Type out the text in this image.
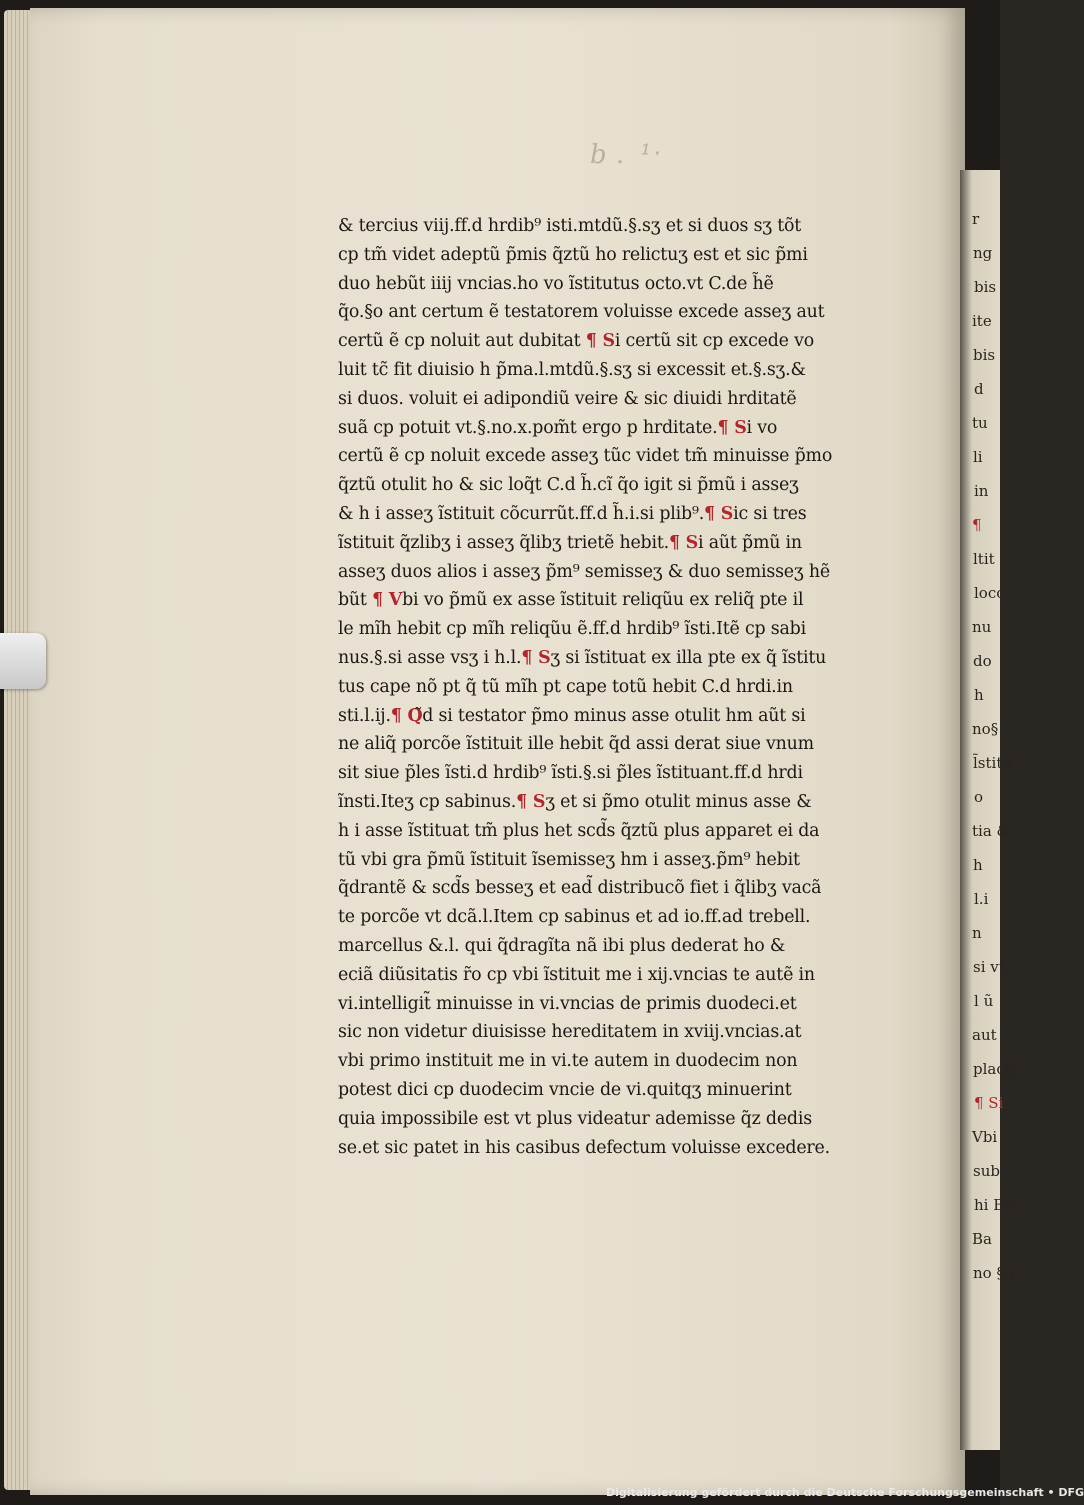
b .  ¹ˑ
& tercius viij.ff.d hrdib⁹ isti.mtdũ.§.sʒ et si duos sʒ tõt
cp tm̃ videt adeptũ p̃mis q̃ztũ ho relictuʒ est et sic p̃mi
duo hebũt iiij vncias.ho vo ĩstitutus octo.vt C.de h̃ẽ
q̃o.§o ant certum ẽ testatorem voluisse excede asseʒ aut
certũ ẽ cp noluit aut dubitat ¶ Si certũ sit cp excede vo
luit tc̃ fit diuisio h p̃ma.l.mtdũ.§.sʒ si excessit et.§.sʒ.&
si duos. voluit ei adipondiũ veire & sic diuidi hrditatẽ
suã cp potuit vt.§.no.x.pom̃t ergo p hrditate.¶ Si vo
certũ ẽ cp noluit excede asseʒ tũc videt tm̃ minuisse p̃mo
q̃ztũ otulit ho & sic loq̃t C.d h̃.cĩ q̃o igit si p̃mũ i asseʒ
& h i asseʒ ĩstituit cõcurrũt.ff.d h̃.i.si plib⁹.¶ Sic si tres
ĩstituit q̃zlibʒ i asseʒ q̃libʒ trietẽ hebit.¶ Si aũt p̃mũ in
asseʒ duos alios i asseʒ p̃m⁹ semisseʒ & duo semisseʒ hẽ
bũt ¶ Vbi vo p̃mũ ex asse ĩstituit reliqũu ex reliq̃ pte il
le mĩh hebit cp mĩh reliqũu ẽ.ff.d hrdib⁹ ĩsti.Itẽ cp sabi
nus.§.si asse vsʒ i h.l.¶ Sʒ si ĩstituat ex illa pte ex q̃ ĩstitu
tus cape nõ pt q̃ tũ mĩh pt cape totũ hebit C.d hrdi.in
sti.l.ij.¶ Q̃d si testator p̃mo minus asse otulit hm aũt si
ne aliq̃ porcõe ĩstituit ille hebit q̃d assi derat siue vnum
sit siue p̃les ĩsti.d hrdib⁹ ĩsti.§.si p̃les ĩstituant.ff.d hrdi
ĩnsti.Iteʒ cp sabinus.¶ Sʒ et si p̃mo otulit minus asse &
h i asse ĩstituat tm̃ plus het scd̃s q̃ztũ plus apparet ei da
tũ vbi gra p̃mũ ĩstituit ĩsemisseʒ hm i asseʒ.p̃m⁹ hebit
q̃drantẽ & scd̃s besseʒ et ead̃ distribucõ fiet i q̃libʒ vacã
te porcõe vt dcã.l.Item cp sabinus et ad io.ff.ad trebell.
marcellus &.l. qui q̃dragĩta nã ibi plus dederat ho &
eciã diũsitatis r̃o cp vbi ĩstituit me i xij.vncias te autẽ in
vi.intelligit̃ minuisse in vi.vncias de primis duodeci.et
sic non videtur diuisisse hereditatem in xviij.vncias.at
vbi primo instituit me in vi.te autem in duodecim non
potest dici cp duodecim vncie de vi.quitqʒ minuerint
quia impossibile est vt plus videatur ademisse q̃z dedis
se.et sic patet in his casibus defectum voluisse excedere.
r
ng
bis
ite
bis
d
tu
li
in
¶
ltit
locc
nu
do
h
no§
l̃stitu
o
tia &
h
l.i
n
si vt
l ũ
aut
placis
¶ Si
Vbi
sub
hi Be
Ba
no §.i
Digitalisierung gefördert durch die Deutsche Forschungsgemeinschaft • DFG
